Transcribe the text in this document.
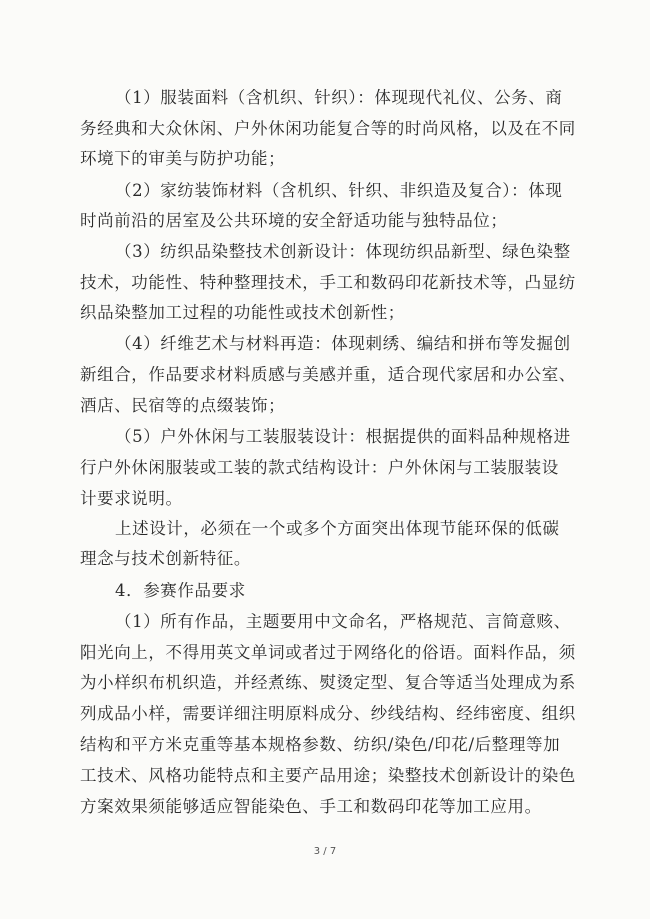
（1）服装面料（含机织、针织）：体现现代礼仪、公务、商
务经典和大众休闲、户外休闲功能复合等的时尚风格，以及在不同
环境下的审美与防护功能；
（2）家纺装饰材料（含机织、针织、非织造及复合）：体现
时尚前沿的居室及公共环境的安全舒适功能与独特品位；
（3）纺织品染整技术创新设计：体现纺织品新型、绿色染整
技术，功能性、特种整理技术，手工和数码印花新技术等，凸显纺
织品染整加工过程的功能性或技术创新性；
（4）纤维艺术与材料再造：体现刺绣、编结和拼布等发掘创
新组合，作品要求材料质感与美感并重，适合现代家居和办公室、
酒店、民宿等的点缀装饰；
（5）户外休闲与工装服装设计：根据提供的面料品种规格进
行户外休闲服装或工装的款式结构设计：户外休闲与工装服装设
计要求说明。
上述设计，必须在一个或多个方面突出体现节能环保的低碳
理念与技术创新特征。
4．参赛作品要求
（1）所有作品，主题要用中文命名，严格规范、言简意赅、
阳光向上，不得用英文单词或者过于网络化的俗语。面料作品，须
为小样织布机织造，并经煮练、熨烫定型、复合等适当处理成为系
列成品小样，需要详细注明原料成分、纱线结构、经纬密度、组织
结构和平方米克重等基本规格参数、纺织/染色/印花/后整理等加
工技术、风格功能特点和主要产品用途；染整技术创新设计的染色
方案效果须能够适应智能染色、手工和数码印花等加工应用。
3 / 7
